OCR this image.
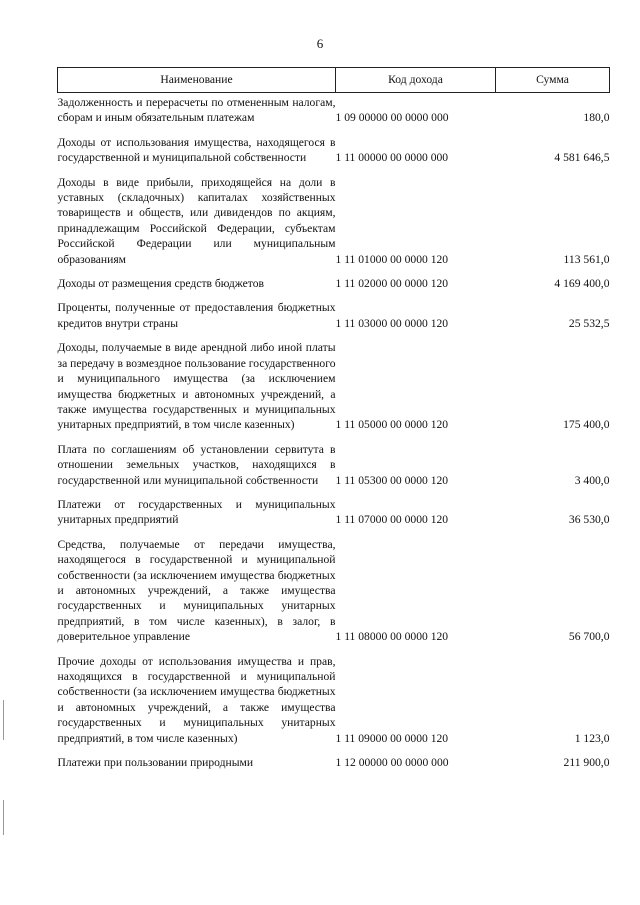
6
Наименование	Код дохода	Сумма
Задолженность и перерасчеты по отмененным налогам, сборам и иным обязательным платежам	1 09 00000 00 0000 000	180,0
Доходы от использования имущества, находящегося в государственной и муниципальной собственности	1 11 00000 00 0000 000	4 581 646,5
Доходы в виде прибыли, приходящейся на доли в уставных (складочных) капиталах хозяйственных товариществ и обществ, или дивидендов по акциям, принадлежащим Российской Федерации, субъектам Российской Федерации или муниципальным образованиям	1 11 01000 00 0000 120	113 561,0
Доходы от размещения средств бюджетов	1 11 02000 00 0000 120	4 169 400,0
Проценты, полученные от предоставления бюджетных кредитов внутри страны	1 11 03000 00 0000 120	25 532,5
Доходы, получаемые в виде арендной либо иной платы за передачу в возмездное пользование государственного и муниципального имущества (за исключением имущества бюджетных и автономных учреждений, а также имущества государственных и муниципальных унитарных предприятий, в том числе казенных)	1 11 05000 00 0000 120	175 400,0
Плата по соглашениям об установлении сервитута в отношении земельных участков, находящихся в государственной или муниципальной собственности	1 11 05300 00 0000 120	3 400,0
Платежи от государственных и муниципальных унитарных предприятий	1 11 07000 00 0000 120	36 530,0
Средства, получаемые от передачи имущества, находящегося в государственной и муниципальной собственности (за исключением имущества бюджетных и автономных учреждений, а также имущества государственных и муниципальных унитарных предприятий, в том числе казенных), в залог, в доверительное управление	1 11 08000 00 0000 120	56 700,0
Прочие доходы от использования имущества и прав, находящихся в государственной и муниципальной собственности (за исключением имущества бюджетных и автономных учреждений, а также имущества государственных и муниципальных унитарных предприятий, в том числе казенных)	1 11 09000 00 0000 120	1 123,0
Платежи при пользовании природными	1 12 00000 00 0000 000	211 900,0
